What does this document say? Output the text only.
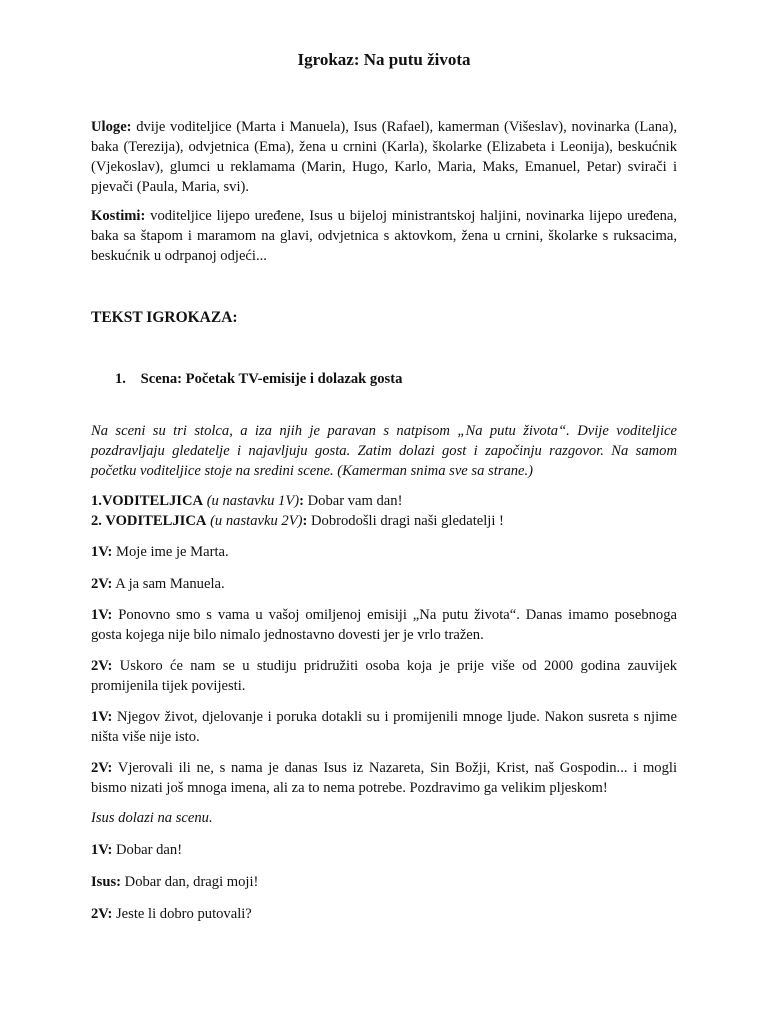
Igrokaz: Na putu života
Uloge: dvije voditeljice (Marta i Manuela), Isus (Rafael), kamerman (Višeslav), novinarka (Lana), baka (Terezija), odvjetnica (Ema), žena u crnini (Karla), školarke (Elizabeta i Leonija), beskućnik (Vjekoslav), glumci u reklamama (Marin, Hugo, Karlo, Maria, Maks, Emanuel, Petar) svirači i pjevači (Paula, Maria, svi).
Kostimi: voditeljice lijepo uređene, Isus u bijeloj ministrantskoj haljini, novinarka lijepo uređena, baka sa štapom i maramom na glavi, odvjetnica s aktovkom, žena u crnini, školarke s ruksacima, beskućnik u odrpanoj odjeći...
TEKST IGROKAZA:
1. Scena: Početak TV-emisije i dolazak gosta
Na sceni su tri stolca, a iza njih je paravan s natpisom „Na putu života“. Dvije voditeljice pozdravljaju gledatelje i najavljuju gosta. Zatim dolazi gost i započinju razgovor. Na samom početku voditeljice stoje na sredini scene. (Kamerman snima sve sa strane.)
1.VODITELJICA (u nastavku 1V): Dobar vam dan!
2. VODITELJICA (u nastavku 2V): Dobrodošli dragi naši gledatelji !
1V: Moje ime je Marta.
2V: A ja sam Manuela.
1V: Ponovno smo s vama u vašoj omiljenoj emisiji „Na putu života“. Danas imamo posebnoga gosta kojega nije bilo nimalo jednostavno dovesti jer je vrlo tražen.
2V: Uskoro će nam se u studiju pridružiti osoba koja je prije više od 2000 godina zauvijek promijenila tijek povijesti.
1V: Njegov život, djelovanje i poruka dotakli su i promijenili mnoge ljude. Nakon susreta s njime ništa više nije isto.
2V: Vjerovali ili ne, s nama je danas Isus iz Nazareta, Sin Božji, Krist, naš Gospodin... i mogli bismo nizati još mnoga imena, ali za to nema potrebe. Pozdravimo ga velikim pljeskom!
Isus dolazi na scenu.
1V: Dobar dan!
Isus: Dobar dan, dragi moji!
2V: Jeste li dobro putovali?
